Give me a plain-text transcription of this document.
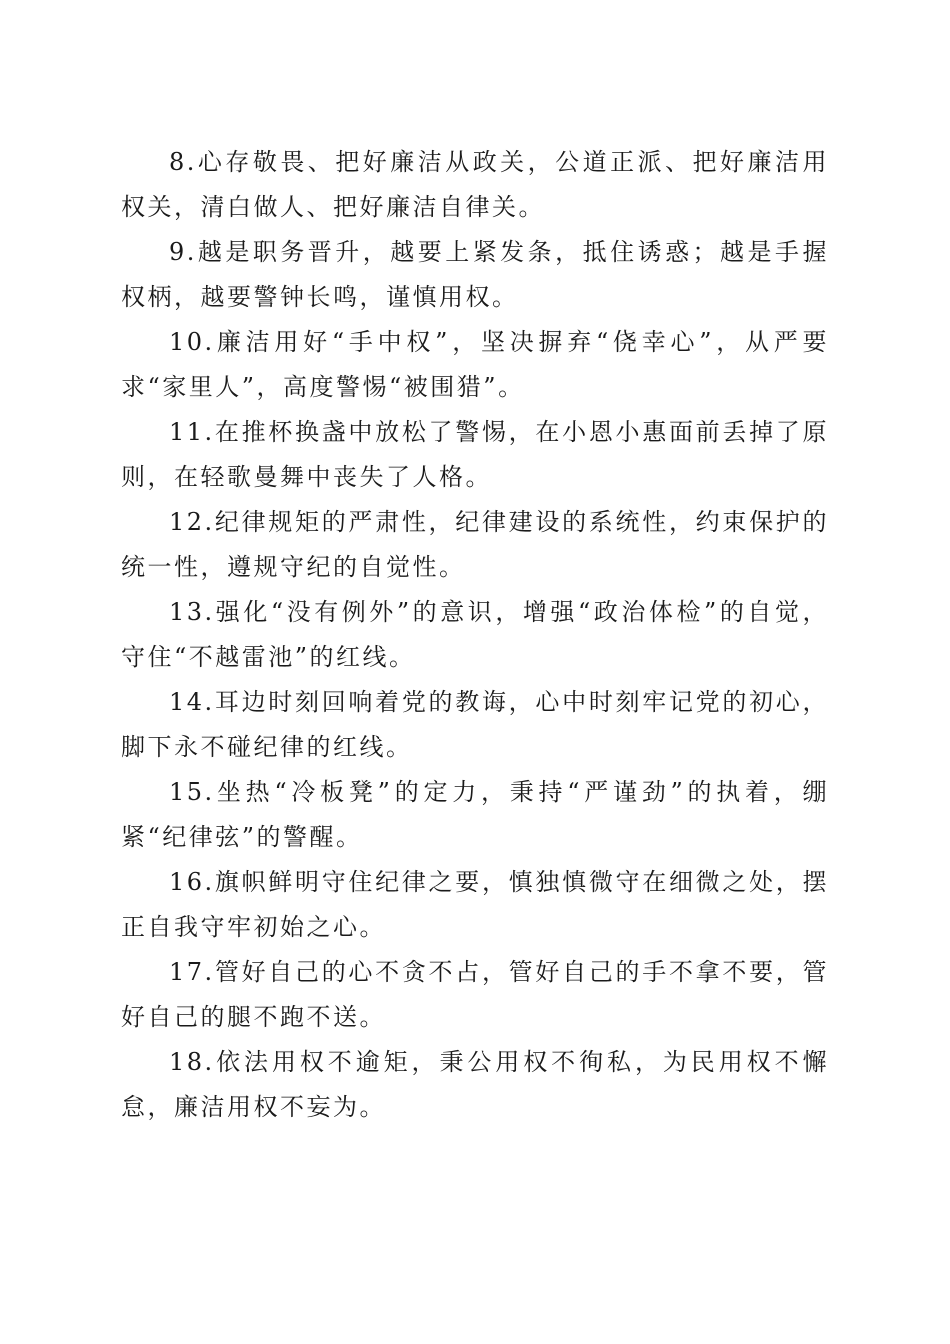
8.心存敬畏、把好廉洁从政关，公道正派、把好廉洁用权关，清白做人、把好廉洁自律关。

9.越是职务晋升，越要上紧发条，抵住诱惑；越是手握权柄，越要警钟长鸣，谨慎用权。

10.廉洁用好“手中权”，坚决摒弃“侥幸心”，从严要求“家里人”，高度警惕“被围猎”。

11.在推杯换盏中放松了警惕，在小恩小惠面前丢掉了原则，在轻歌曼舞中丧失了人格。

12.纪律规矩的严肃性，纪律建设的系统性，约束保护的统一性，遵规守纪的自觉性。

13.强化“没有例外”的意识，增强“政治体检”的自觉，守住“不越雷池”的红线。

14.耳边时刻回响着党的教诲，心中时刻牢记党的初心，脚下永不碰纪律的红线。

15.坐热“冷板凳”的定力，秉持“严谨劲”的执着，绷紧“纪律弦”的警醒。

16.旗帜鲜明守住纪律之要，慎独慎微守在细微之处，摆正自我守牢初始之心。

17.管好自己的心不贪不占，管好自己的手不拿不要，管好自己的腿不跑不送。

18.依法用权不逾矩，秉公用权不徇私，为民用权不懈怠，廉洁用权不妄为。
